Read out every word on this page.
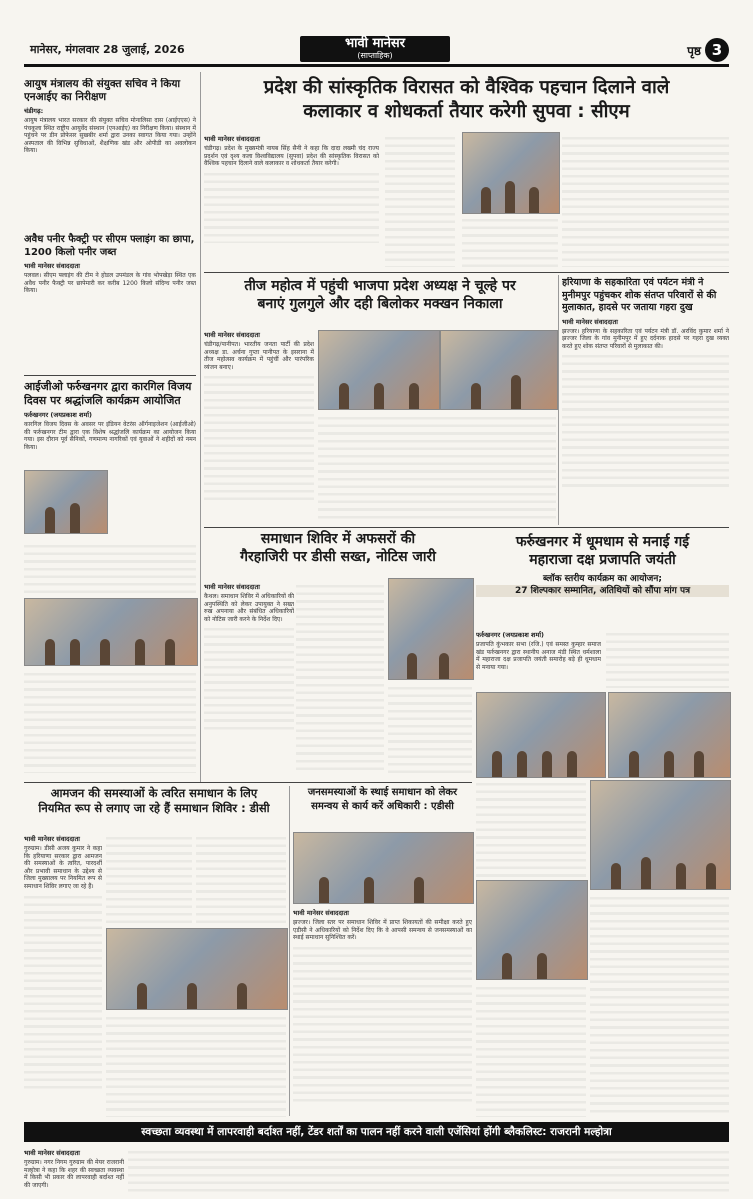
मानेसर, मंगलवार 28 जुलाई, 2026	भावी मानेसर
(साप्ताहिक)	पृष्ठ 3
आयुष मंत्रालय की संयुक्त सचिव ने किया एनआईए का निरीक्षण
चंडीगढ़:
आयुष मंत्रालय भारत सरकार की संयुक्त सचिव मोनालिसा दास (आईएएस) ने पंचकूला स्थित राष्ट्रीय आयुर्वेद संस्थान (एनआईए) का निरीक्षण किया। संस्थान में पहुंचने पर डीन प्रोफेसर सुखबीर शर्मा द्वारा उनका स्वागत किया गया। उन्होंने अस्पताल की विभिन्न सुविधाओं, शैक्षणिक खंड और ओपीडी का अवलोकन किया।
अवैध पनीर फैक्ट्री पर सीएम फ्लाइंग का छापा, 1200 किलो पनीर जब्त
भावी मानेसर संवाददाता
पलवल। सीएम फ्लाइंग की टीम ने होडल उपमंडल के गांव भोपखेड़ा स्थित एक अवैध पनीर फैक्ट्री पर छापेमारी कर करीब 1200 किलो संदिग्ध पनीर जब्त किया।
आईजीओ फर्रुखनगर द्वारा कारगिल विजय दिवस पर श्रद्धांजलि कार्यक्रम आयोजित
फर्रुखनगर (जयप्रकाश शर्मा)
कारगिल विजय दिवस के अवसर पर इंडियन वेटरंस ऑर्गनाइजेशन (आईजीओ) की फर्रुखनगर टीम द्वारा एक विशेष श्रद्धांजलि कार्यक्रम का आयोजन किया गया। इस दौरान पूर्व सैनिकों, गणमान्य नागरिकों एवं युवाओं ने शहीदों को नमन किया।
प्रदेश की सांस्कृतिक विरासत को वैश्विक पहचान दिलाने वाले
कलाकार व शोधकर्ता तैयार करेगी सुपवा : सीएम
भावी मानेसर संवाददाता
चंडीगढ़। प्रदेश के मुख्यमंत्री नायब सिंह सैनी ने कहा कि दादा लख्मी चंद राज्य प्रदर्शन एवं दृश्य कला विश्वविद्यालय (सुपवा) प्रदेश की सांस्कृतिक विरासत को वैश्विक पहचान दिलाने वाले कलाकार व शोधकर्ता तैयार करेगी।
तीज महोत्व में पहुंची भाजपा प्रदेश अध्यक्ष ने चूल्हे पर
बनाएं गुलगुले और दही बिलोकर मक्खन निकाला
भावी मानेसर संवाददाता
चंडीगढ़/पानीपत। भारतीय जनता पार्टी की प्रदेश अध्यक्ष डा. अर्चना गुप्ता पानीपत के इसराना में तीज महोत्सव कार्यक्रम में पहुंचीं और पारंपरिक व्यंजन बनाए।
हरियाणा के सहकारिता एवं पर्यटन मंत्री ने मुनीमपुर पहुंचकर शोक संतप्त परिवारों से की मुलाकात, हादसे पर जताया गहरा दुख
भावी मानेसर संवाददाता
झज्जर। हरियाणा के सहकारिता एवं पर्यटन मंत्री डॉ. अरविंद कुमार शर्मा ने झज्जर जिला के गांव मुनीमपुर में हुए दर्दनाक हादसे पर गहरा दुख व्यक्त करते हुए शोक संतप्त परिवारों से मुलाकात की।
समाधान शिविर में अफसरों की
गैरहाजिरी पर डीसी सख्त, नोटिस जारी
भावी मानेसर संवाददाता
कैथल। समाधान शिविर में अधिकारियों की अनुपस्थिति को लेकर उपायुक्त ने सख्त रुख अपनाया और संबंधित अधिकारियों को नोटिस जारी करने के निर्देश दिए।
फर्रुखनगर में धूमधाम से मनाई गई
महाराजा दक्ष प्रजापति जयंती
ब्लॉक स्तरीय कार्यक्रम का आयोजन;
27 शिल्पकार सम्मानित, अतिथियों को सौंपा मांग पत्र
फर्रुखनगर (जयप्रकाश शर्मा)
प्रजापति कुंभकार सभा (रजि.) एवं समस्त कुम्हार समाज खंड फर्रुखनगर द्वारा स्थानीय अनाज मंडी स्थित धर्मशाला में महाराजा दक्ष प्रजापति जयंती समारोह बड़े ही धूमधाम से मनाया गया।
आमजन की समस्याओं के त्वरित समाधान के लिए
नियमित रूप से लगाए जा रहे हैं समाधान शिविर : डीसी
भावी मानेसर संवाददाता
गुरुग्राम। डीसी अजय कुमार ने कहा कि हरियाणा सरकार द्वारा आमजन की समस्याओं के त्वरित, पारदर्शी और प्रभावी समाधान के उद्देश्य से जिला मुख्यालय पर नियमित रूप से समाधान शिविर लगाए जा रहे हैं।
जनसमस्याओं के स्थाई समाधान को लेकर
समन्वय से कार्य करें अधिकारी : एडीसी
भावी मानेसर संवाददाता
झज्जर। जिला स्तर पर समाधान शिविर में प्राप्त शिकायतों की समीक्षा करते हुए एडीसी ने अधिकारियों को निर्देश दिए कि वे आपसी समन्वय से जनसमस्याओं का स्थाई समाधान सुनिश्चित करें।
स्वच्छता व्यवस्था में लापरवाही बर्दाश्त नहीं, टेंडर शर्तों का पालन नहीं करने वाली एजेंसियां होंगी ब्लैकलिस्ट: राजरानी मल्होत्रा
भावी मानेसर संवाददाता
गुरुग्राम। नगर निगम गुरुग्राम की मेयर राजरानी मल्होत्रा ने कहा कि शहर की स्वच्छता व्यवस्था में किसी भी प्रकार की लापरवाही बर्दाश्त नहीं की जाएगी।
